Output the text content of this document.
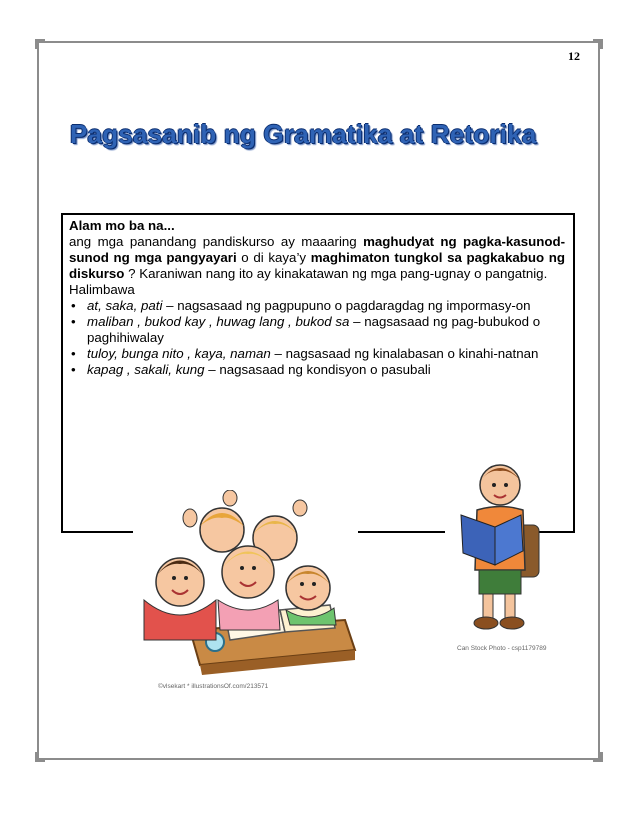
12
Pagsasanib ng Gramatika at Retorika
Alam mo ba na...

ang mga panandang pandiskurso ay maaaring maghudyat ng pagka-kasunod-sunod ng mga pangyayari o di kaya’y maghimaton tungkol sa pagkakabuo ng diskurso ? Karaniwan nang ito ay kinakatawan ng mga pang-ugnay o pangatnig.

Halimbawa
• at, saka, pati – nagsasaad ng pagpupuno o pagdaragdag ng impormasy-on
• maliban , bukod kay , huwag lang , bukod sa – nagsasaad ng pag-bubukod o paghihiwalay
• tuloy, bunga nito , kaya, naman – nagsasaad ng kinalabasan o kinahi-natnan
• kapag , sakali, kung – nagsasaad ng kondisyon o pasubali
©vlsekart * illustrationsOf.com/213571
Can Stock Photo - csp1179789
